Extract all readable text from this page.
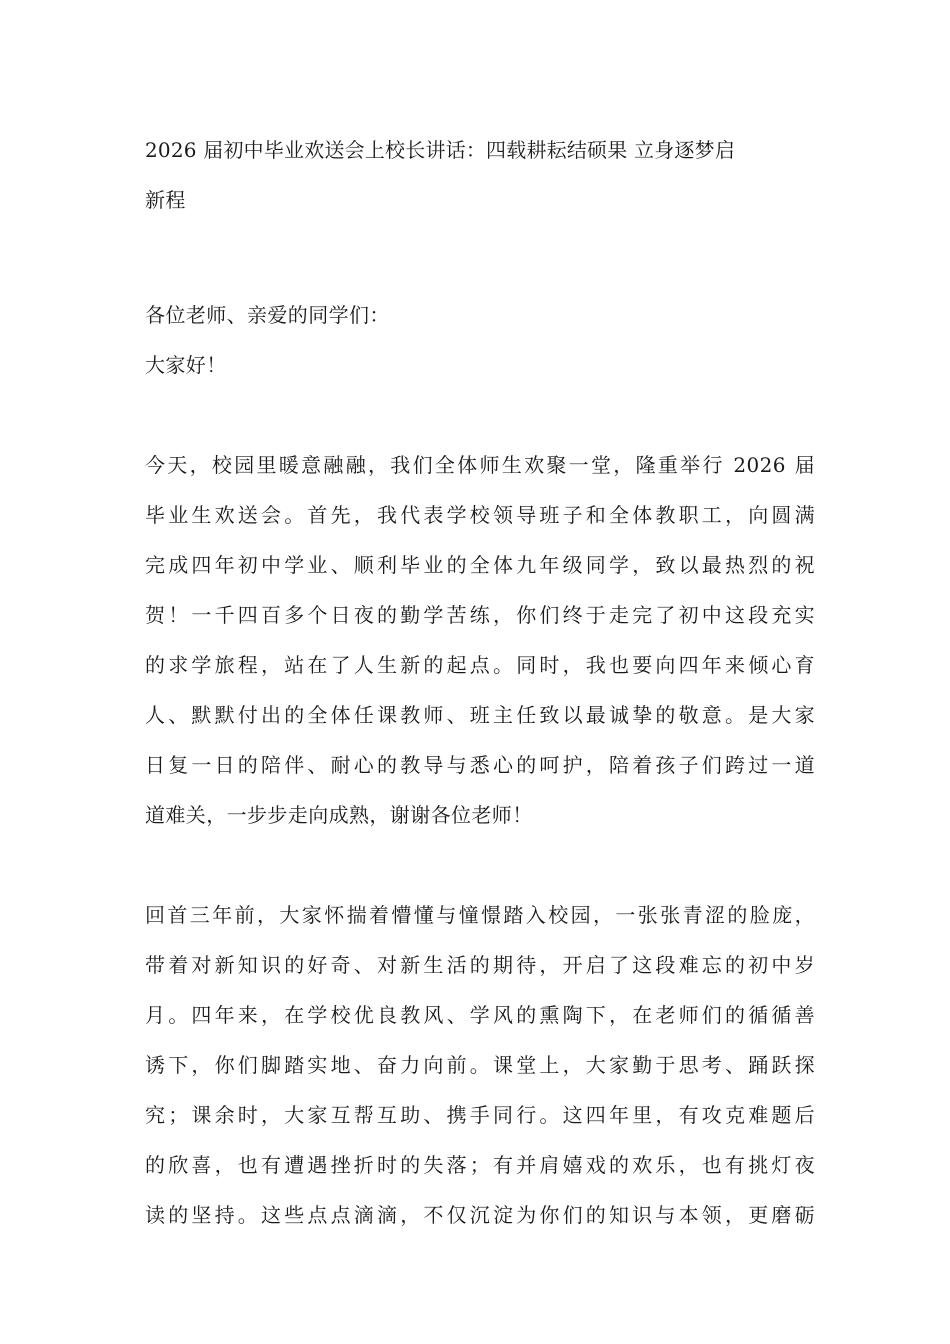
2026 届初中毕业欢送会上校长讲话：四载耕耘结硕果 立身逐梦启
新程
各位老师、亲爱的同学们：
大家好！
今天，校园里暖意融融，我们全体师生欢聚一堂，隆重举行 2026 届
毕业生欢送会。首先，我代表学校领导班子和全体教职工，向圆满
完成四年初中学业、顺利毕业的全体九年级同学，致以最热烈的祝
贺！一千四百多个日夜的勤学苦练，你们终于走完了初中这段充实
的求学旅程，站在了人生新的起点。同时，我也要向四年来倾心育
人、默默付出的全体任课教师、班主任致以最诚挚的敬意。是大家
日复一日的陪伴、耐心的教导与悉心的呵护，陪着孩子们跨过一道
道难关，一步步走向成熟，谢谢各位老师！
回首三年前，大家怀揣着懵懂与憧憬踏入校园，一张张青涩的脸庞，
带着对新知识的好奇、对新生活的期待，开启了这段难忘的初中岁
月。四年来，在学校优良教风、学风的熏陶下，在老师们的循循善
诱下，你们脚踏实地、奋力向前。课堂上，大家勤于思考、踊跃探
究；课余时，大家互帮互助、携手同行。这四年里，有攻克难题后
的欣喜，也有遭遇挫折时的失落；有并肩嬉戏的欢乐，也有挑灯夜
读的坚持。这些点点滴滴，不仅沉淀为你们的知识与本领，更磨砺
